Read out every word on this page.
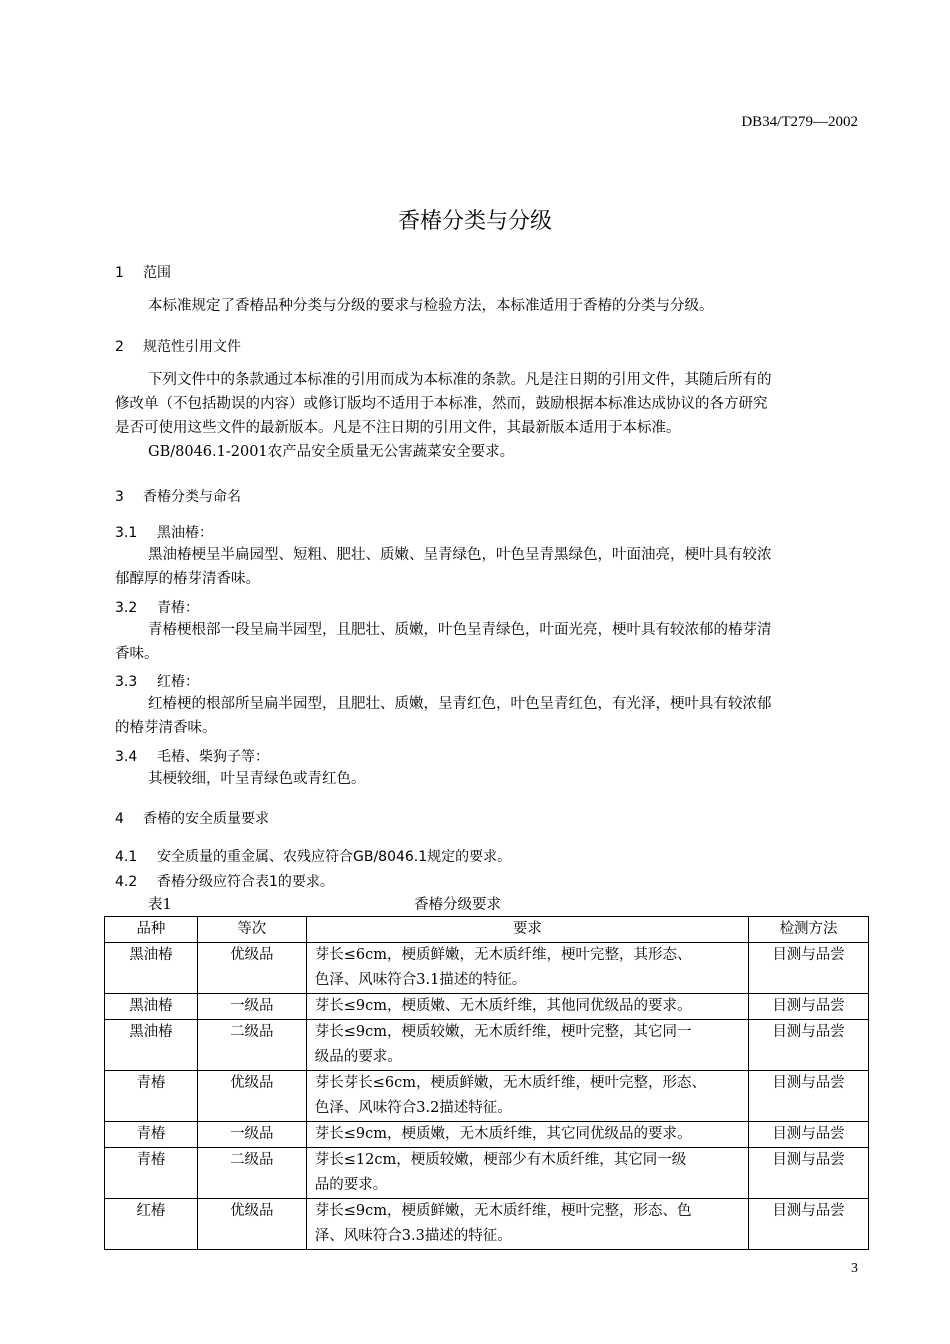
DB34/T279—2002
香椿分类与分级
1 范围
本标准规定了香椿品种分类与分级的要求与检验方法，本标准适用于香椿的分类与分级。
2 规范性引用文件
下列文件中的条款通过本标准的引用而成为本标准的条款。凡是注日期的引用文件，其随后所有的
修改单（不包括勘误的内容）或修订版均不适用于本标准，然而，鼓励根据本标准达成协议的各方研究
是否可使用这些文件的最新版本。凡是不注日期的引用文件，其最新版本适用于本标准。
GB/8046.1-2001农产品安全质量无公害蔬菜安全要求。
3 香椿分类与命名
3.1 黑油椿：
黑油椿梗呈半扁园型、短粗、肥壮、质嫩、呈青绿色，叶色呈青黑绿色，叶面油亮，梗叶具有较浓
郁醇厚的椿芽清香味。
3.2 青椿：
青椿梗根部一段呈扁半园型，且肥壮、质嫩，叶色呈青绿色，叶面光亮，梗叶具有较浓郁的椿芽清
香味。
3.3 红椿：
红椿梗的根部所呈扁半园型，且肥壮、质嫩，呈青红色，叶色呈青红色，有光泽，梗叶具有较浓郁
的椿芽清香味。
3.4 毛椿、柴狗子等：
其梗较细，叶呈青绿色或青红色。
4 香椿的安全质量要求
4.1 安全质量的重金属、农残应符合GB/8046.1规定的要求。
4.2 香椿分级应符合表1的要求。
表1	香椿分级要求
品种	等次	要求	检测方法
黑油椿	优级品	芽长≤6cm，梗质鲜嫩，无木质纤维，梗叶完整，其形态、
色泽、风味符合3.1描述的特征。	目测与品尝
黑油椿	一级品	芽长≤9cm，梗质嫩、无木质纤维，其他同优级品的要求。	目测与品尝
黑油椿	二级品	芽长≤9cm，梗质较嫩，无木质纤维，梗叶完整，其它同一
级品的要求。	目测与品尝
青椿	优级品	芽长芽长≤6cm，梗质鲜嫩，无木质纤维，梗叶完整，形态、
色泽、风味符合3.2描述特征。	目测与品尝
青椿	一级品	芽长≤9cm，梗质嫩，无木质纤维，其它同优级品的要求。	目测与品尝
青椿	二级品	芽长≤12cm，梗质较嫩，梗部少有木质纤维，其它同一级
品的要求。	目测与品尝
红椿	优级品	芽长≤9cm，梗质鲜嫩，无木质纤维，梗叶完整，形态、色
泽、风味符合3.3描述的特征。	目测与品尝
3
